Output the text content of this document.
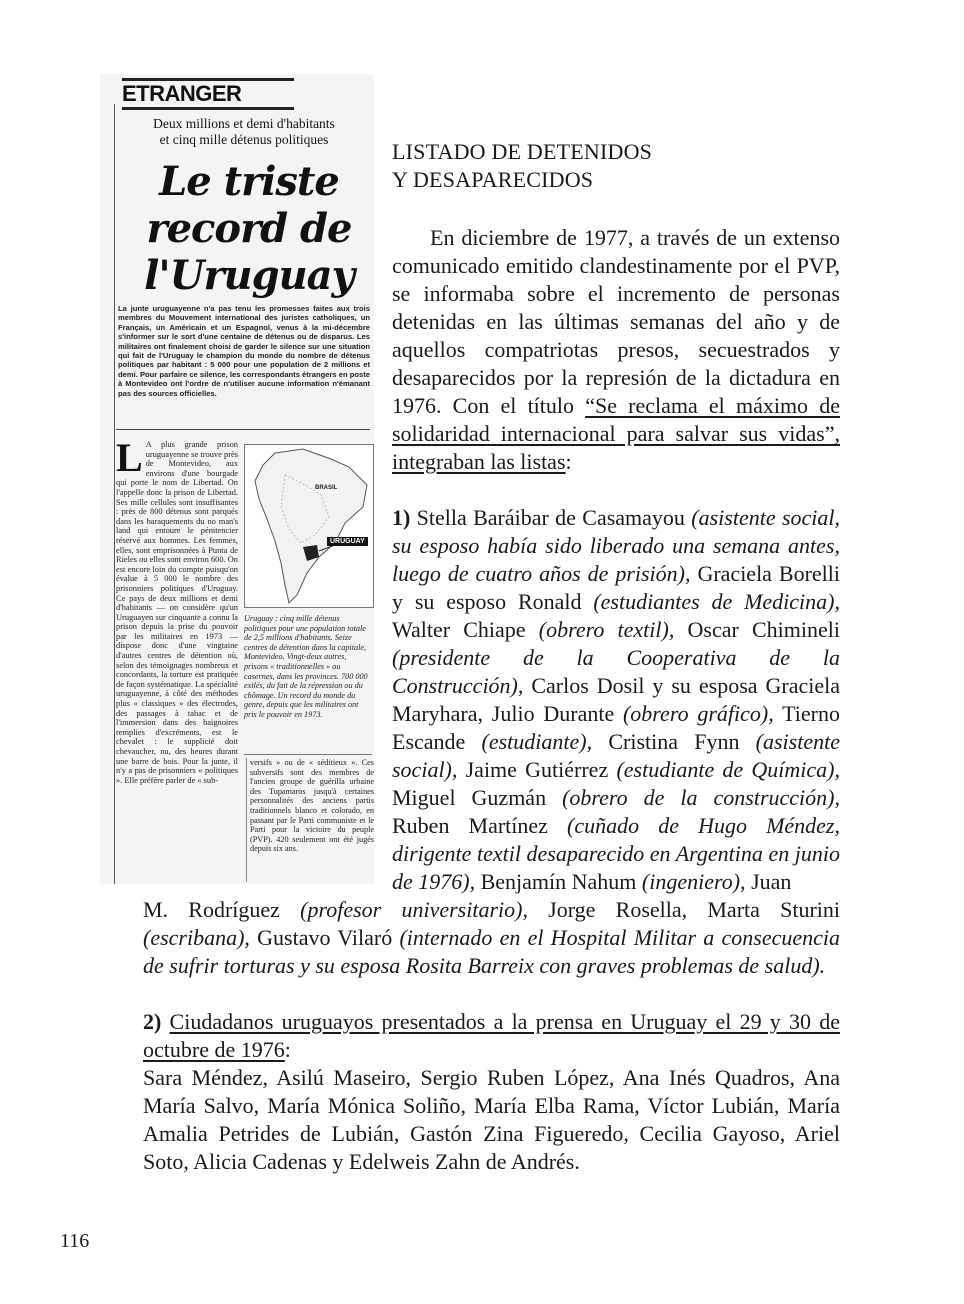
ETRANGER
Deux millions et demi d'habitants
et cinq mille détenus politiques
Le triste
record de
l'Uruguay
La junte uruguayenne n'a pas tenu les promesses faites aux trois membres du Mouvement international des juristes catholiques, un Français, un Américain et un Espagnol, venus à la mi-décembre s'informer sur le sort d'une centaine de détenus ou de disparus. Les militaires ont finalement choisi de garder le silence sur une situation qui fait de l'Uruguay le champion du monde du nombre de détenus politiques par habitant : 5 000 pour une population de 2 millions et demi. Pour parfaire ce silence, les correspondants étrangers en poste à Montevideo ont l'ordre de n'utiliser aucune information n'émanant pas des sources officielles.
L A plus grande prison uruguayenne se trouve près de Montevideo, aux environs d'une bourgade qui porte le nom de Libertad. On l'appelle donc la prison de Libertad. Ses mille cellules sont insuffisantes : près de 800 détenus sont parqués dans les baraquements du no man's land qui entoure le pénitencier réservé aux hommes. Les femmes, elles, sont emprisonnées à Punta de Rieles ou elles sont environ 600. On est encore loin du compte puisqu'on évalue à 5 000 le nombre des prisonniers politiques d'Uruguay. Ce pays de deux millions et demi d'habitants — on considère qu'un Uruguayen sur cinquante a connu la prison depuis la prise du pouvoir par les militaires en 1973 — dispose donc d'une vingtaine d'autres centres de détention où, selon des témoignages nombreux et concordants, la torture est pratiquée de façon systématique. La spécialité uruguayenne, à côté des méthodes plus « classiques » des électrodes, des passages à tabac et de l'immersion dans des baignoires remplies d'excréments, est le chevalet : le supplicié doit chevaucher, nu, des heures durant une barre de bois. Pour la junte, il n'y a pas de prisonniers « politiques ». Elle préfère parler de « sub-
BRASIL
URUGUAY
Uruguay : cinq mille détenus politiques pour une population totale de 2,5 millions d'habitants. Seize centres de détention dans la capitale, Montevideo. Vingt-deux autres, prisons « traditionnelles » ou casernes, dans les provinces. 700 000 exilés, du fait de la répression ou du chômage. Un record du monde du genre, depuis que les militaires ont pris le pouvoir en 1973.
versifs » ou de « séditieux ». Ces subversifs sont des membres de l'ancien groupe de guérilla urbaine des Tupamaros jusqu'à certaines personnalités des anciens partis traditionnels blanco et colorado, en passant par le Parti communiste et le Parti pour la victoire du peuple (PVP). 420 seulement ont été jugés depuis six ans.
LISTADO DE DETENIDOS
Y DESAPARECIDOS

En diciembre de 1977, a través de un extenso comunicado emitido clandestinamente por el PVP, se informaba sobre el incremento de personas detenidas en las últimas semanas del año y de aquellos compatriotas presos, secuestrados y desaparecidos por la represión de la dictadura en 1976. Con el título “Se reclama el máximo de solidaridad internacional para salvar sus vidas”, integraban las listas:

1) Stella Baráibar de Casamayou (asistente social, su esposo había sido liberado una semana antes, luego de cuatro años de prisión), Graciela Borelli y su esposo Ronald (estudiantes de Medicina), Walter Chiape (obrero textil), Oscar Chimineli (presidente de la Cooperativa de la Construcción), Carlos Dosil y su esposa Graciela Maryhara, Julio Durante (obrero gráfico), Tierno Escande (estudiante), Cristina Fynn (asistente social), Jaime Gutiérrez (estudiante de Química), Miguel Guzmán (obrero de la construcción), Ruben Martínez (cuñado de Hugo Méndez, dirigente textil desaparecido en Argentina en junio de 1976), Benjamín Nahum (ingeniero), Juan

M. Rodríguez (profesor universitario), Jorge Rosella, Marta Sturini (escribana), Gustavo Vilaró (internado en el Hospital Militar a consecuencia de sufrir torturas y su esposa Rosita Barreix con graves problemas de salud).

2) Ciudadanos uruguayos presentados a la prensa en Uruguay el 29 y 30 de octubre de 1976:
Sara Méndez, Asilú Maseiro, Sergio Ruben López, Ana Inés Quadros, Ana María Salvo, María Mónica Soliño, María Elba Rama, Víctor Lubián, María Amalia Petrides de Lubián, Gastón Zina Figueredo, Cecilia Gayoso, Ariel Soto, Alicia Cadenas y Edelweis Zahn de Andrés.

116
